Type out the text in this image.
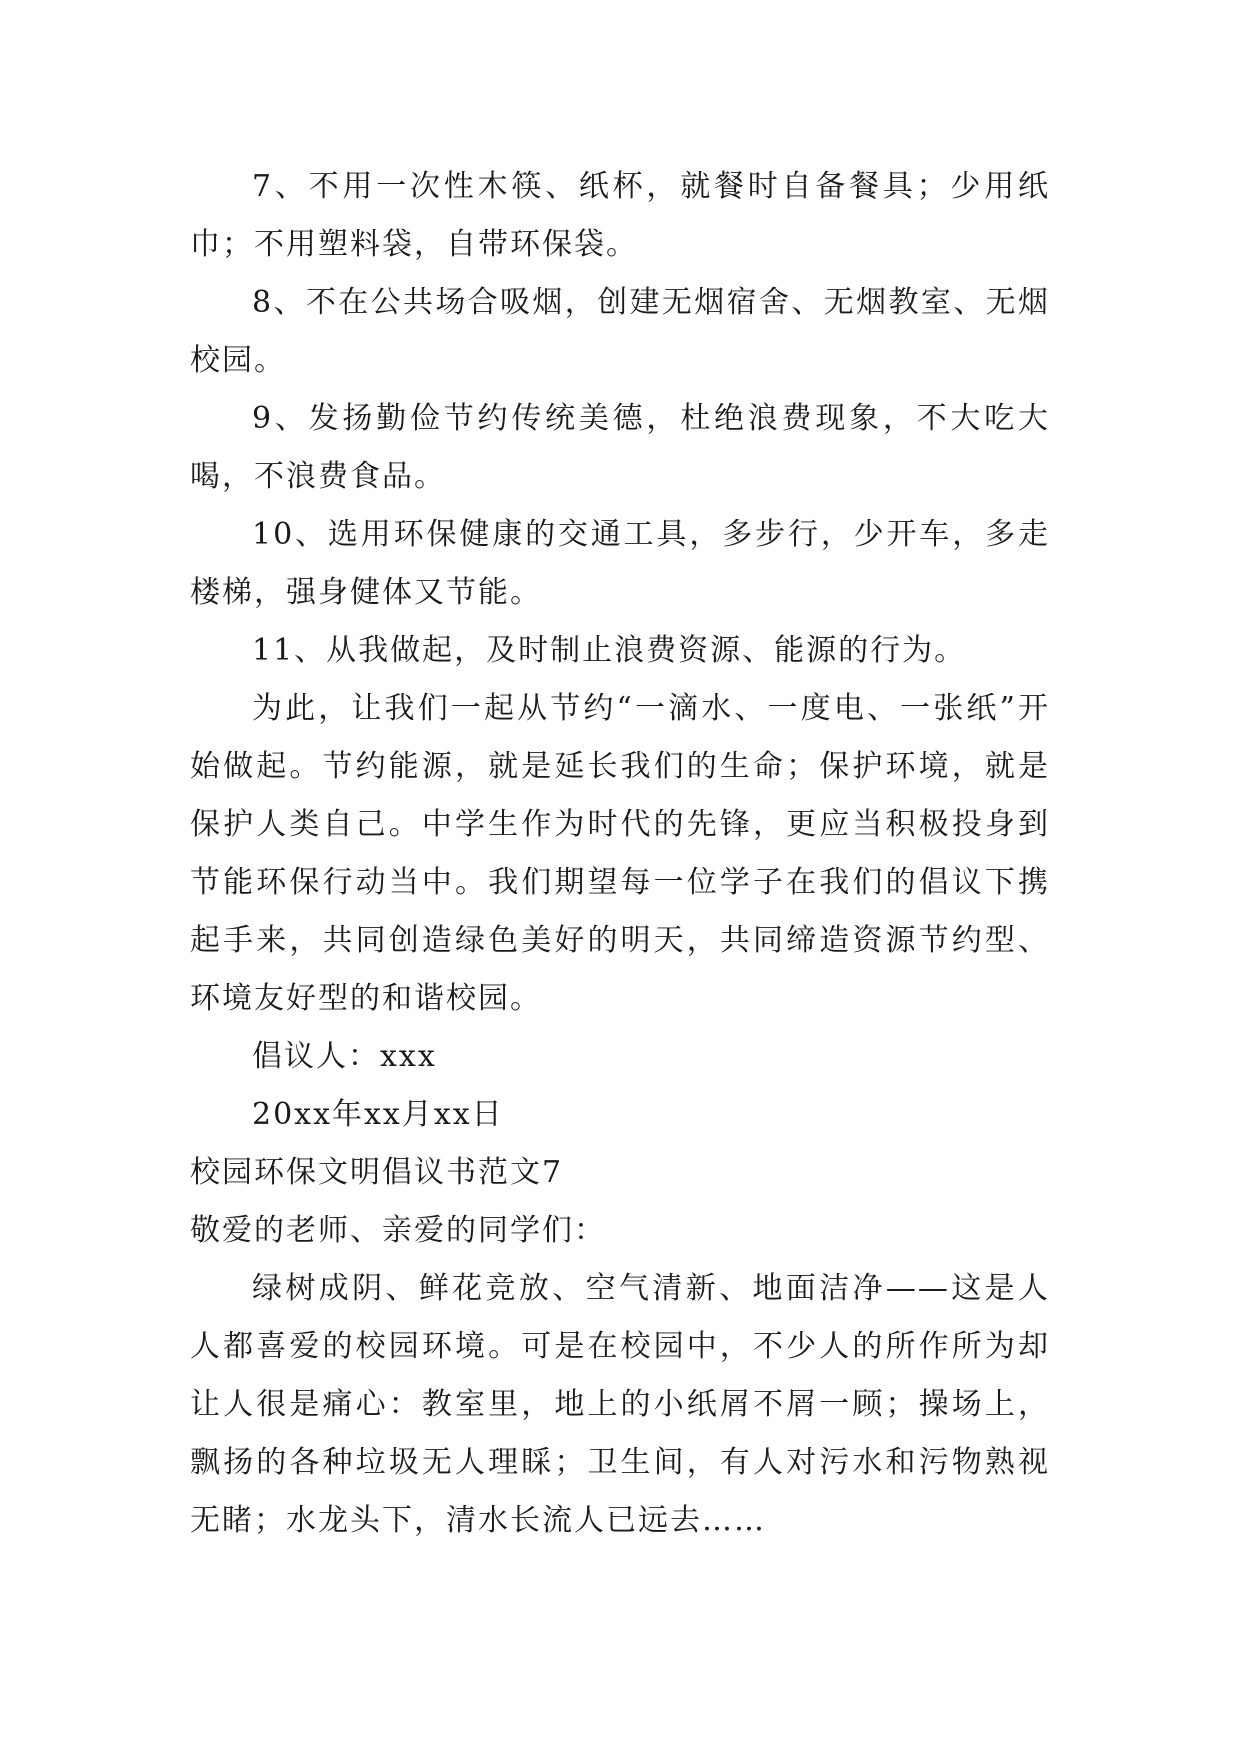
7、不用一次性木筷、纸杯，就餐时自备餐具；少用纸巾；不用塑料袋，自带环保袋。

8、不在公共场合吸烟，创建无烟宿舍、无烟教室、无烟校园。

9、发扬勤俭节约传统美德，杜绝浪费现象，不大吃大喝，不浪费食品。

10、选用环保健康的交通工具，多步行，少开车，多走楼梯，强身健体又节能。

11、从我做起，及时制止浪费资源、能源的行为。

为此，让我们一起从节约“一滴水、一度电、一张纸”开始做起。节约能源，就是延长我们的生命；保护环境，就是保护人类自己。中学生作为时代的先锋，更应当积极投身到节能环保行动当中。我们期望每一位学子在我们的倡议下携起手来，共同创造绿色美好的明天，共同缔造资源节约型、环境友好型的和谐校园。

倡议人：xxx

20xx年xx月xx日

校园环保文明倡议书范文7

敬爱的老师、亲爱的同学们：

绿树成阴、鲜花竞放、空气清新、地面洁净——这是人人都喜爱的校园环境。可是在校园中，不少人的所作所为却让人很是痛心：教室里，地上的小纸屑不屑一顾；操场上，飘扬的各种垃圾无人理睬；卫生间，有人对污水和污物熟视无睹；水龙头下，清水长流人已远去……
